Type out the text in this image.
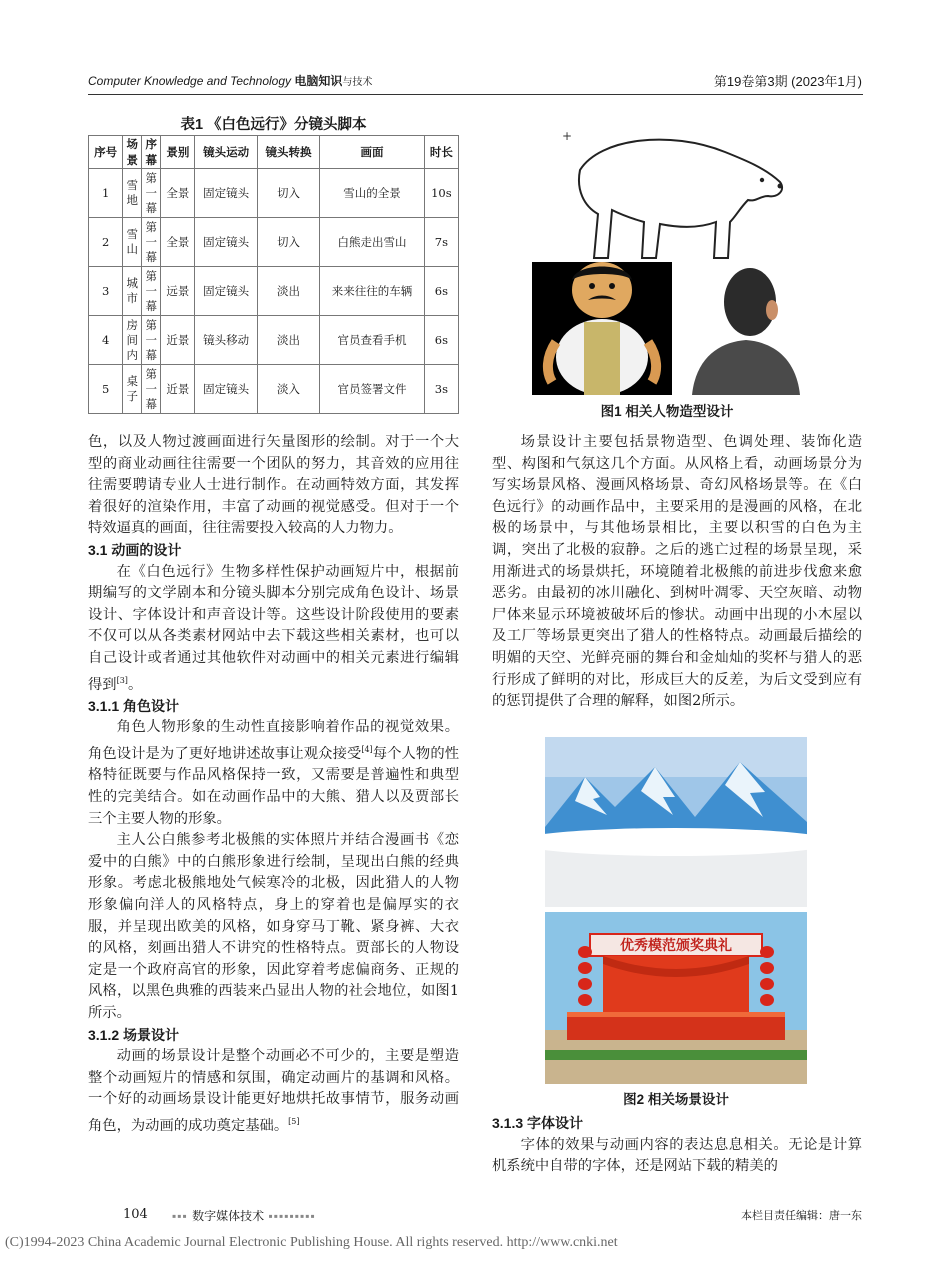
Computer Knowledge and Technology 电脑知识与技术	第19卷第3期 (2023年1月)
表1 《白色远行》分镜头脚本
序号	场景	序幕	景别	镜头运动	镜头转换	画面	时长
1	雪地	第一幕	全景	固定镜头	切入	雪山的全景	10s
2	雪山	第一幕	全景	固定镜头	切入	白熊走出雪山	7s
3	城市	第一幕	远景	固定镜头	淡出	来来往往的车辆	6s
4	房间内	第一幕	近景	镜头移动	淡出	官员查看手机	6s
5	桌子	第一幕	近景	固定镜头	淡入	官员签署文件	3s

色，以及人物过渡画面进行矢量图形的绘制。对于一个大型的商业动画往往需要一个团队的努力，其音效的应用往往需要聘请专业人士进行制作。在动画特效方面，其发挥着很好的渲染作用，丰富了动画的视觉感受。但对于一个特效逼真的画面，往往需要投入较高的人力物力。

3.1 动画的设计

在《白色远行》生物多样性保护动画短片中，根据前期编写的文学剧本和分镜头脚本分别完成角色设计、场景设计、字体设计和声音设计等。这些设计阶段使用的要素不仅可以从各类素材网站中去下载这些相关素材，也可以自己设计或者通过其他软件对动画中的相关元素进行编辑得到[3]。

3.1.1 角色设计

角色人物形象的生动性直接影响着作品的视觉效果。角色设计是为了更好地讲述故事让观众接受[4]每个人物的性格特征既要与作品风格保持一致，又需要是普遍性和典型性的完美结合。如在动画作品中的大熊、猎人以及贾部长三个主要人物的形象。

主人公白熊参考北极熊的实体照片并结合漫画书《恋爱中的白熊》中的白熊形象进行绘制，呈现出白熊的经典形象。考虑北极熊地处气候寒冷的北极，因此猎人的人物形象偏向洋人的风格特点，身上的穿着也是偏厚实的衣服，并呈现出欧美的风格，如身穿马丁靴、紧身裤、大衣的风格，刻画出猎人不讲究的性格特点。贾部长的人物设定是一个政府高官的形象，因此穿着考虑偏商务、正规的风格，以黑色典雅的西装来凸显出人物的社会地位，如图1所示。

3.1.2 场景设计

动画的场景设计是整个动画必不可少的，主要是塑造整个动画短片的情感和氛围，确定动画片的基调和风格。一个好的动画场景设计能更好地烘托故事情节，服务动画角色，为动画的成功奠定基础。[5]

+
图1 相关人物造型设计

场景设计主要包括景物造型、色调处理、装饰化造型、构图和气氛这几个方面。从风格上看，动画场景分为写实场景风格、漫画风格场景、奇幻风格场景等。在《白色远行》的动画作品中，主要采用的是漫画的风格，在北极的场景中，与其他场景相比，主要以积雪的白色为主调，突出了北极的寂静。之后的逃亡过程的场景呈现，采用渐进式的场景烘托，环境随着北极熊的前进步伐愈来愈恶劣。由最初的冰川融化、到树叶凋零、天空灰暗、动物尸体来显示环境被破坏后的惨状。动画中出现的小木屋以及工厂等场景更突出了猎人的性格特点。动画最后描绘的明媚的天空、光鲜亮丽的舞台和金灿灿的奖杯与猎人的恶行形成了鲜明的对比，形成巨大的反差，为后文受到应有的惩罚提供了合理的解释，如图2所示。

优秀模范颁奖典礼
图2 相关场景设计
3.1.3 字体设计

字体的效果与动画内容的表达息息相关。无论是计算机系统中自带的字体，还是网站下载的精美的

104 ▪▪▪ 数字媒体技术 ▪▪▪▪▪▪▪▪▪	本栏目责任编辑：唐一东
(C)1994-2023 China Academic Journal Electronic Publishing House. All rights reserved. http://www.cnki.net
